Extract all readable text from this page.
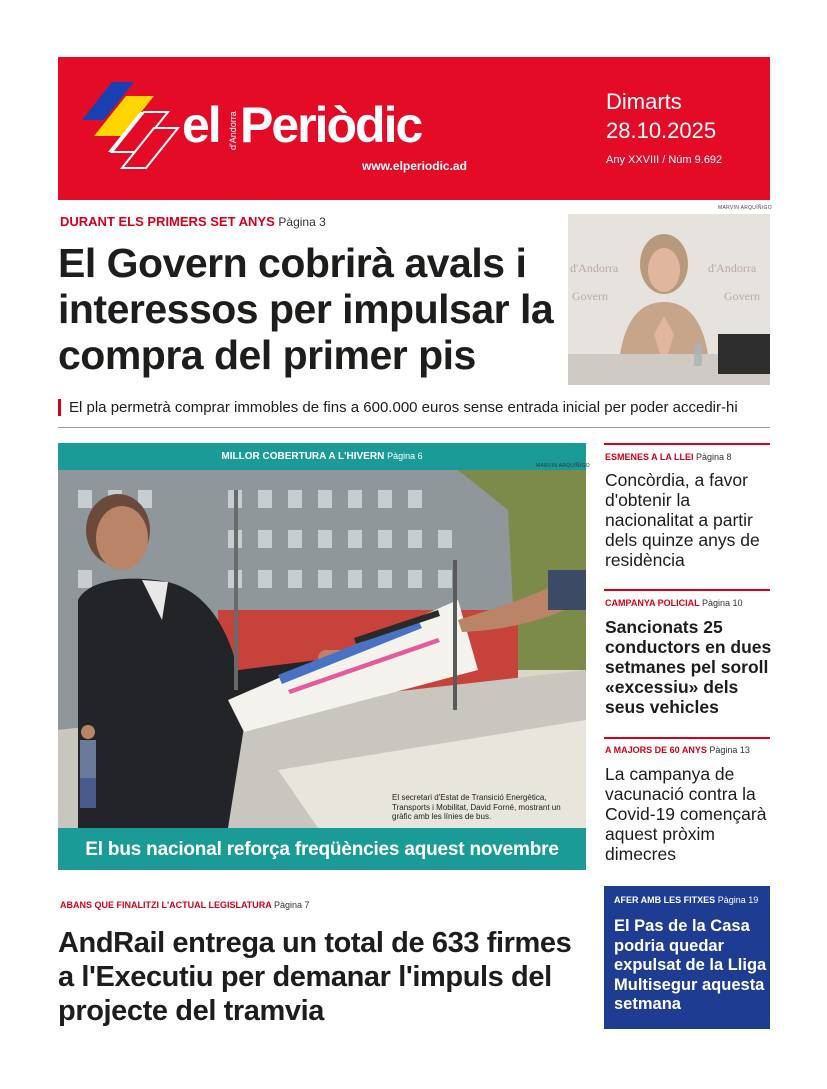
el d'Andorra Periòdic
www.elperiodic.ad
Dimarts
28.10.2025
Any XXVIII / Núm 9.692
DURANT ELS PRIMERS SET ANYS Pàgina 3
El Govern cobrirà avals i interessos per impulsar la compra del primer pis
MARVIN ARQUÍÑIGO
d'Andorra
Govern
d'Andorra
Govern
El pla permetrà comprar immobles de fins a 600.000 euros sense entrada inicial per poder accedir-hi
MILLOR COBERTURA A L'HIVERN Pàgina 6
MARVIN ARQUÍÑIGO
El secretari d'Estat de Transició Energètica, Transports i Mobilitat, David Forné, mostrant un gràfic amb les línies de bus.
El bus nacional reforça freqüències aquest novembre
ABANS QUE FINALITZI L'ACTUAL LEGISLATURA Pàgina 7
AndRail entrega un total de 633 firmes a l'Executiu per demanar l'impuls del projecte del tramvia
ESMENES A LA LLEI Pàgina 8
Concòrdia, a favor d'obtenir la nacionalitat a partir dels quinze anys de residència
CAMPANYA POLICIAL Pàgina 10
Sancionats 25 conductors en dues setmanes pel soroll «excessiu» dels seus vehicles
A MAJORS DE 60 ANYS Pàgina 13
La campanya de vacunació contra la Covid-19 començarà aquest pròxim dimecres
AFER AMB LES FITXES Pàgina 19
El Pas de la Casa podria quedar expulsat de la Lliga Multisegur aquesta setmana
